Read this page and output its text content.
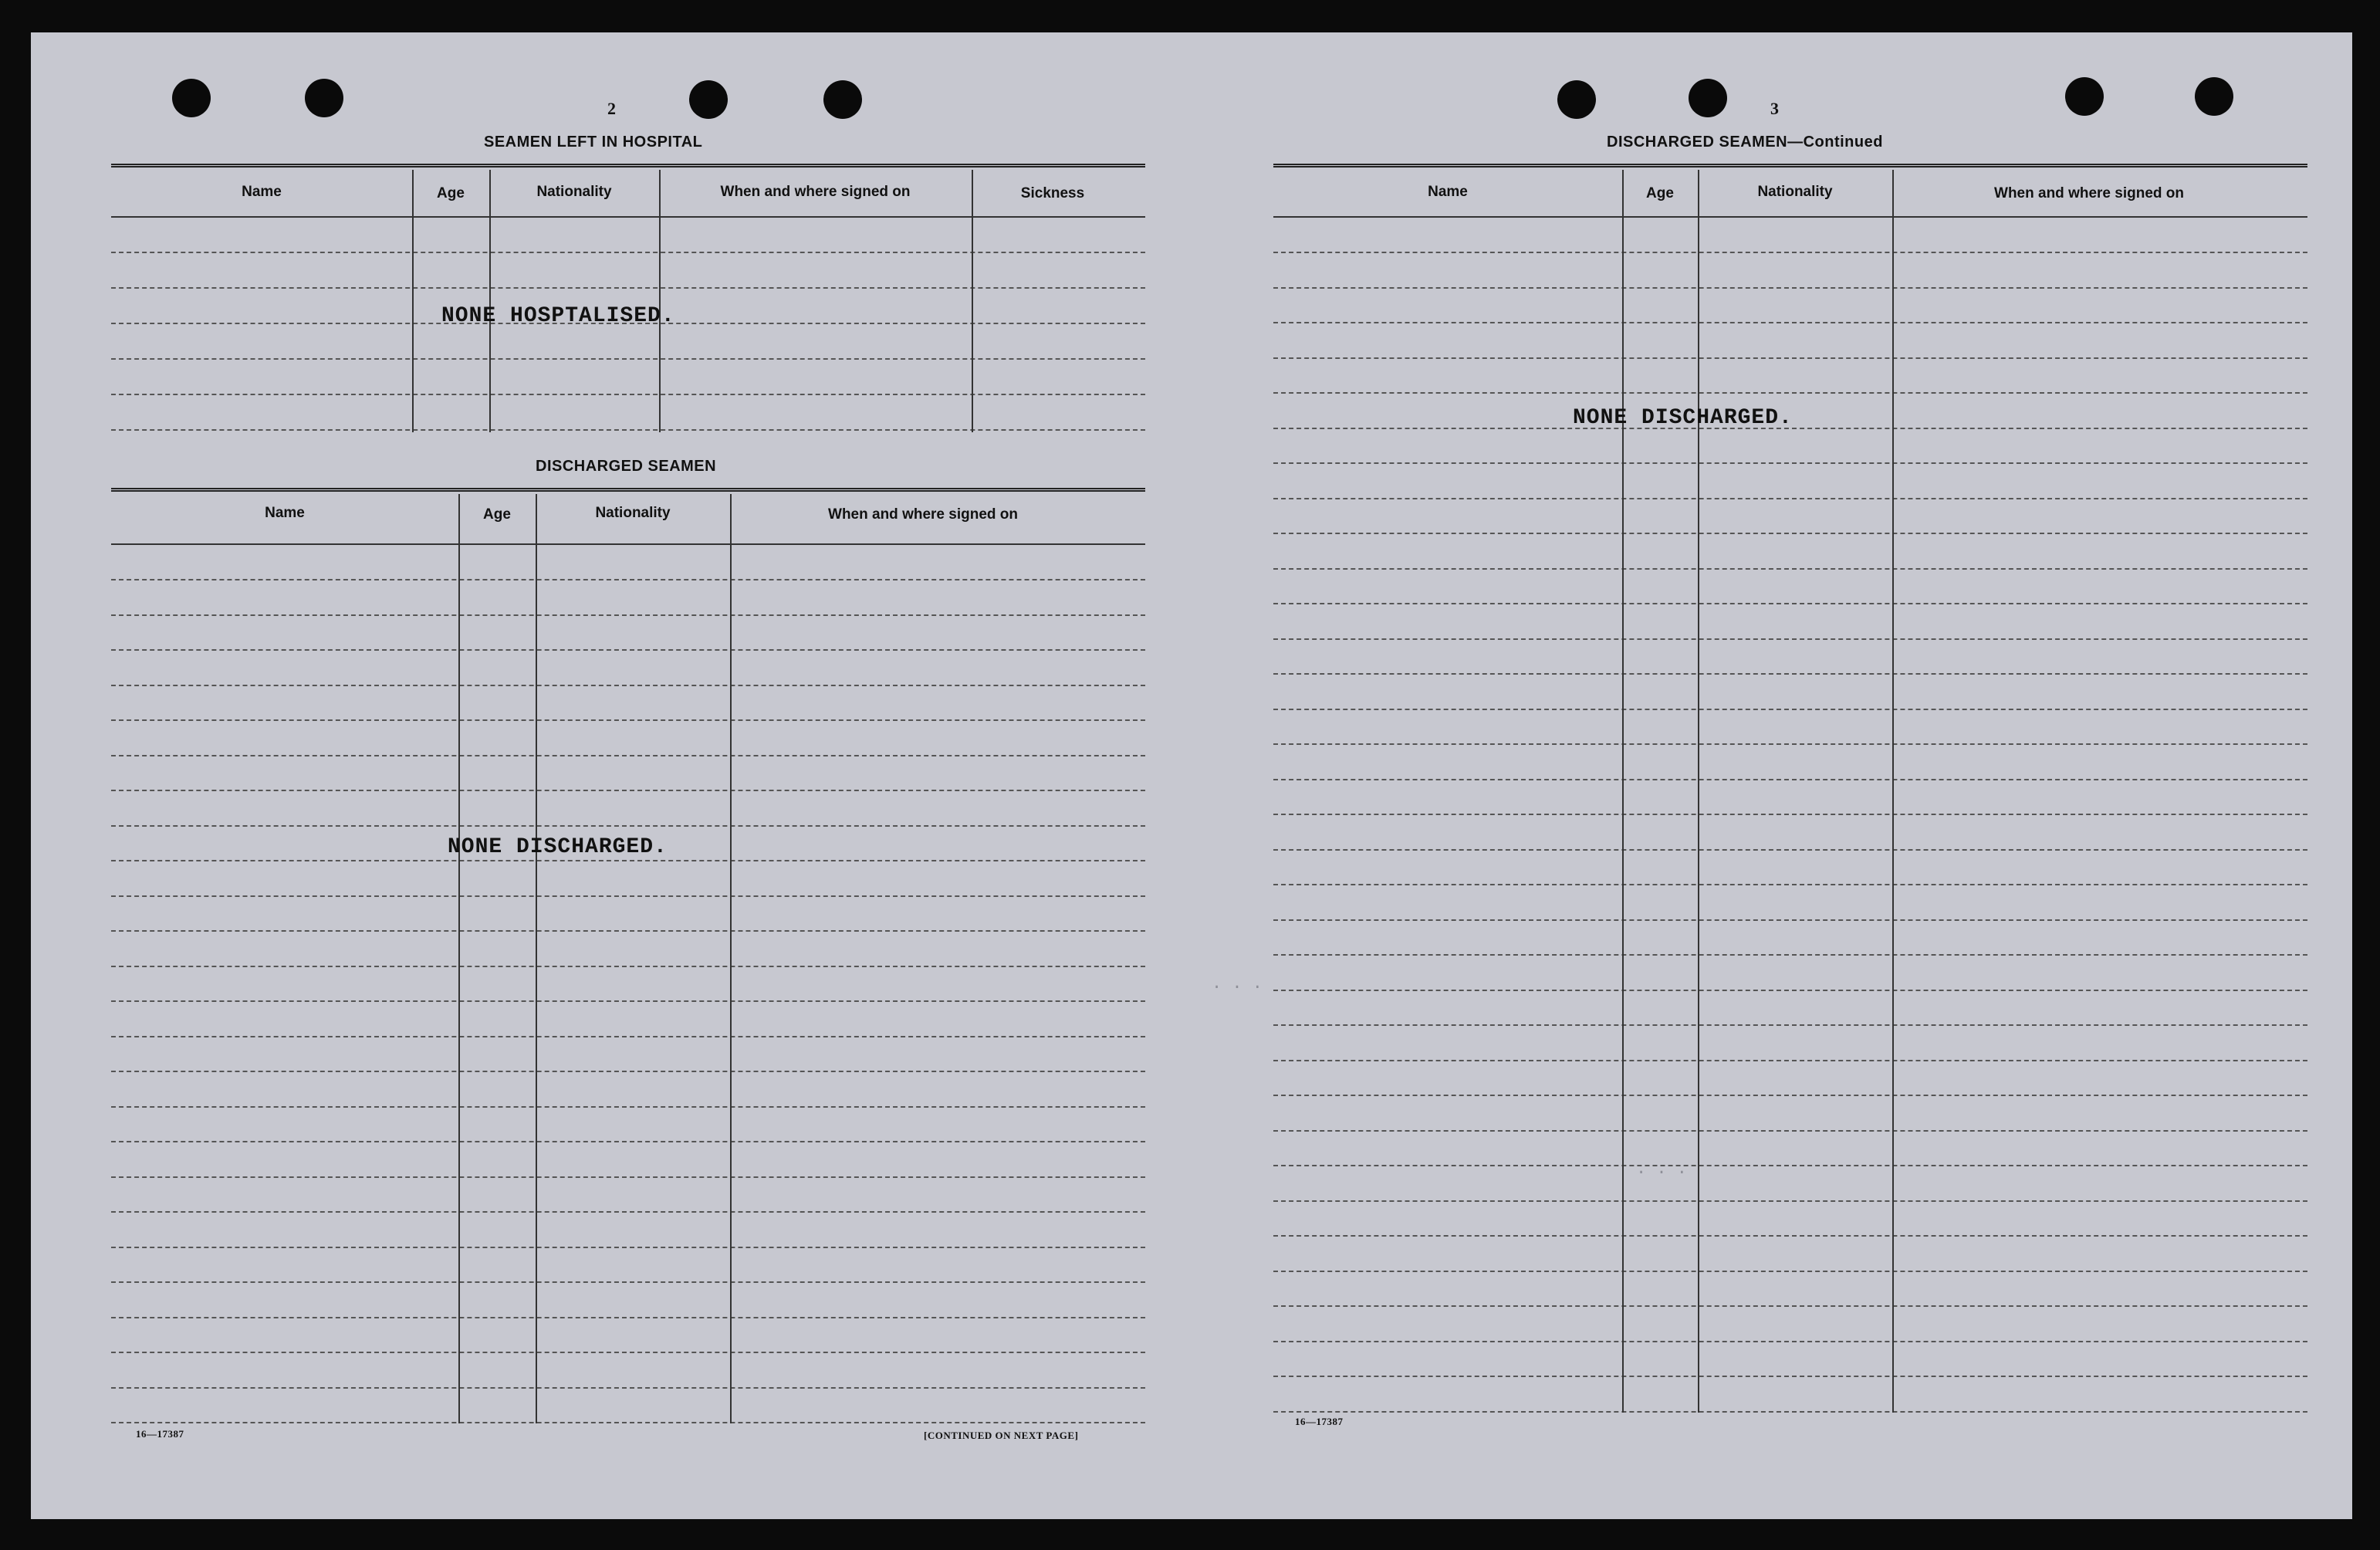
. . .
. . .
2
SEAMEN LEFT IN HOSPITAL
Name	Age	Nationality	When and where signed on	Sickness
NONE HOSPTALISED.
DISCHARGED SEAMEN
Name	Age	Nationality	When and where signed on
NONE DISCHARGED.
16—17387	[CONTINUED ON NEXT PAGE]
3
DISCHARGED SEAMEN—Continued
Name	Age	Nationality	When and where signed on
NONE DISCHARGED.
16—17387
